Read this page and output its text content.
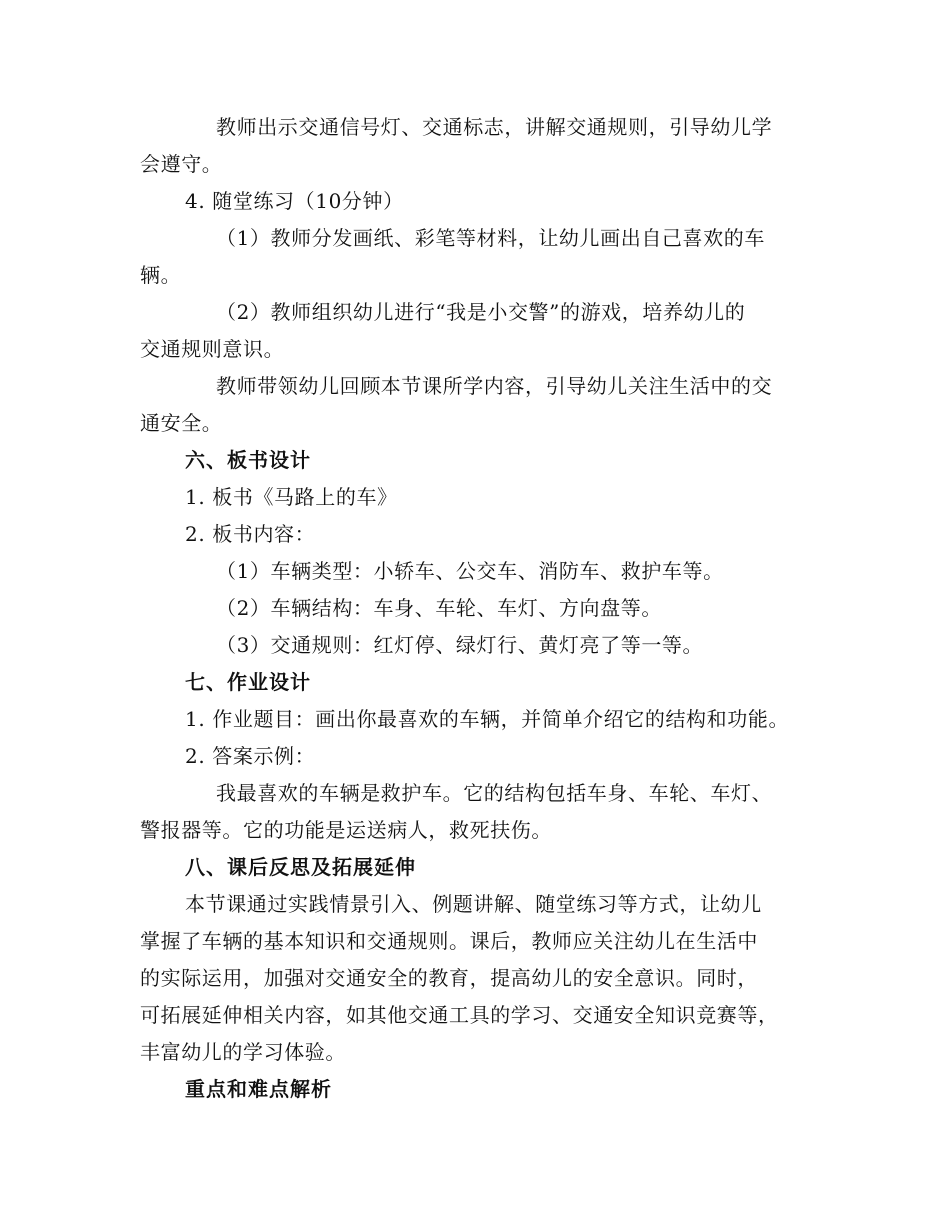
教师出示交通信号灯、交通标志，讲解交通规则，引导幼儿学
会遵守。
4. 随堂练习（10分钟）
（1）教师分发画纸、彩笔等材料，让幼儿画出自己喜欢的车
辆。
（2）教师组织幼儿进行“我是小交警”的游戏，培养幼儿的
交通规则意识。
教师带领幼儿回顾本节课所学内容，引导幼儿关注生活中的交
通安全。
六、板书设计
1. 板书《马路上的车》
2. 板书内容：
（1）车辆类型：小轿车、公交车、消防车、救护车等。
（2）车辆结构：车身、车轮、车灯、方向盘等。
（3）交通规则：红灯停、绿灯行、黄灯亮了等一等。
七、作业设计
1. 作业题目：画出你最喜欢的车辆，并简单介绍它的结构和功能。
2. 答案示例：
我最喜欢的车辆是救护车。它的结构包括车身、车轮、车灯、
警报器等。它的功能是运送病人，救死扶伤。
八、课后反思及拓展延伸
本节课通过实践情景引入、例题讲解、随堂练习等方式，让幼儿
掌握了车辆的基本知识和交通规则。课后，教师应关注幼儿在生活中
的实际运用，加强对交通安全的教育，提高幼儿的安全意识。同时，
可拓展延伸相关内容，如其他交通工具的学习、交通安全知识竞赛等，
丰富幼儿的学习体验。
重点和难点解析
